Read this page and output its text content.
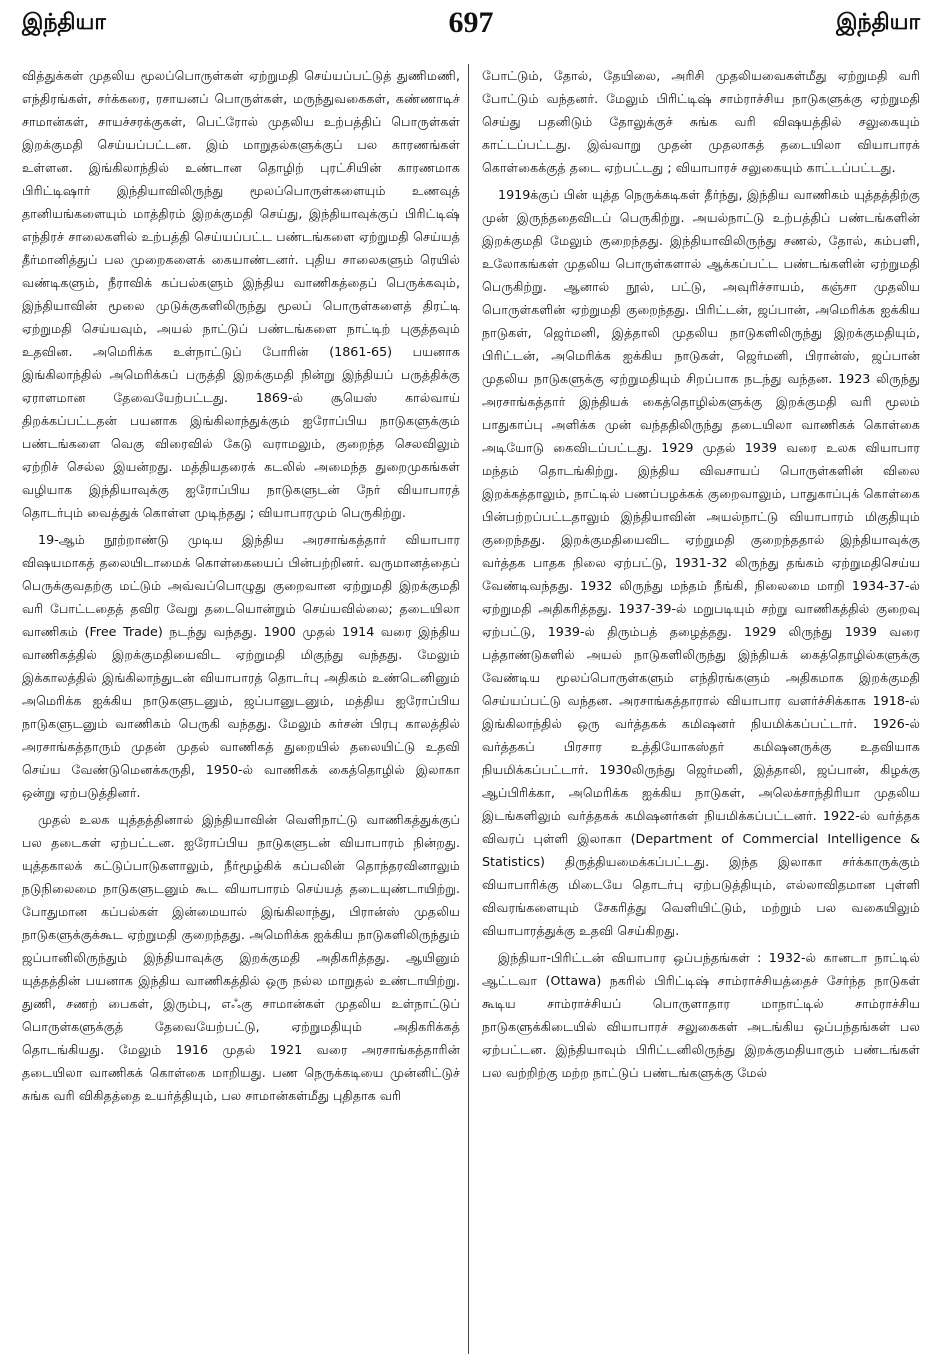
697
இந்தியா	இந்தியா

வித்துக்கள் முதலிய மூலப்பொருள்கள் ஏற்றுமதி செய்யப்பட்டுத் துணிமணி, எந்திரங்கள், சர்க்கரை, ரசாயனப் பொருள்கள், மருந்துவகைகள், கண்ணாடிச் சாமான்கள், சாயச்சரக்குகள், பெட்ரோல் முதலிய உற்பத்திப் பொருள்கள் இறக்குமதி செய்யப்பட்டன. இம் மாறுதல்களுக்குப் பல காரணங்கள் உள்ளன. இங்கிலாந்தில் உண்டான தொழிற் புரட்சியின் காரணமாக பிரிட்டிஷார் இந்தியாவிலிருந்து மூலப்பொருள்களையும் உணவுத் தானியங்களையும் மாத்திரம் இறக்குமதி செய்து, இந்தியாவுக்குப் பிரிட்டிஷ் எந்திரச் சாலைகளில் உற்பத்தி செய்யப்பட்ட பண்டங்களை ஏற்றுமதி செய்யத் தீர்மானித்துப் பல முறைகளைக் கையாண்டனர். புதிய சாலைகளும் ரெயில் வண்டிகளும், நீராவிக் கப்பல்களும் இந்திய வாணிகத்தைப் பெருக்கவும், இந்தியாவின் மூலை முடுக்குகளிலிருந்து மூலப் பொருள்களைத் திரட்டி ஏற்றுமதி செய்யவும், அயல் நாட்டுப் பண்டங்களை நாட்டிற் புகுத்தவும் உதவின. அமெரிக்க உள்நாட்டுப் போரின் (1861-65) பயனாக இங்கிலாந்தில் அமெரிக்கப் பருத்தி இறக்குமதி நின்று இந்தியப் பருத்திக்கு ஏராளமான தேவையேற்பட்டது. 1869-ல் சூயெஸ் கால்வாய் திறக்கப்பட்டதன் பயனாக இங்கிலாந்துக்கும் ஐரோப்பிய நாடுகளுக்கும் பண்டங்களை வெகு விரைவில் கேடு வராமலும், குறைந்த செலவிலும் ஏற்றிச் செல்ல இயன்றது. மத்தியதரைக் கடலில் அமைந்த துறைமுகங்கள் வழியாக இந்தியாவுக்கு ஐரோப்பிய நாடுகளுடன் நேர் வியாபாரத் தொடர்பும் வைத்துக் கொள்ள முடிந்தது ; வியாபாரமும் பெருகிற்று.

19-ஆம் நூற்றாண்டு முடிய இந்திய அரசாங்கத்தார் வியாபார விஷயமாகத் தலையிடாமைக் கொள்கையைப் பின்பற்றினர். வருமானத்தைப் பெருக்குவதற்கு மட்டும் அவ்வப்பொழுது குறைவான ஏற்றுமதி இறக்குமதி வரி போட்டதைத் தவிர வேறு தடையொன்றும் செய்யவில்லை; தடையிலா வாணிகம் (Free Trade) நடந்து வந்தது. 1900 முதல் 1914 வரை இந்திய வாணிகத்தில் இறக்குமதியைவிட ஏற்றுமதி மிகுந்து வந்தது. மேலும் இக்காலத்தில் இங்கிலாந்துடன் வியாபாரத் தொடர்பு அதிகம் உண்டெனினும் அமெரிக்க ஐக்கிய நாடுகளுடனும், ஜப்பானுடனும், மத்திய ஐரோப்பிய நாடுகளுடனும் வாணிகம் பெருகி வந்தது. மேலும் கர்சன் பிரபு காலத்தில் அரசாங்கத்தாரும் முதன் முதல் வாணிகத் துறையில் தலையிட்டு உதவி செய்ய வேண்டுமெனக்கருதி, 1950-ல் வாணிகக் கைத்தொழில் இலாகா ஒன்று ஏற்படுத்தினர்.

முதல் உலக யுத்தத்தினால் இந்தியாவின் வெளிநாட்டு வாணிகத்துக்குப் பல தடைகள் ஏற்பட்டன. ஐரோப்பிய நாடுகளுடன் வியாபாரம் நின்றது. யுத்தகாலக் கட்டுப்பாடுகளாலும், நீர்மூழ்கிக் கப்பலின் தொந்தரவினாலும் நடுநிலைமை நாடுகளுடனும் கூட வியாபாரம் செய்யத் தடையுண்டாயிற்று. போதுமான கப்பல்கள் இன்மையால் இங்கிலாந்து, பிரான்ஸ் முதலிய நாடுகளுக்குக்கூட ஏற்றுமதி குறைந்தது. அமெரிக்க ஐக்கிய நாடுகளிலிருந்தும் ஜப்பானிலிருந்தும் இந்தியாவுக்கு இறக்குமதி அதிகரித்தது. ஆயினும் யுத்தத்தின் பயனாக இந்திய வாணிகத்தில் ஒரு நல்ல மாறுதல் உண்டாயிற்று. துணி, சணற் பைகள், இரும்பு, எஃகு சாமான்கள் முதலிய உள்நாட்டுப் பொருள்களுக்குத் தேவையேற்பட்டு, ஏற்றுமதியும் அதிகரிக்கத் தொடங்கியது. மேலும் 1916 முதல் 1921 வரை அரசாங்கத்தாரின் தடையிலா வாணிகக் கொள்கை மாறியது. பண நெருக்கடியை முன்னிட்டுச் சுங்க வரி விகிதத்தை உயர்த்தியும், பல சாமான்கள்மீது புதிதாக வரி

போட்டும், தோல், தேயிலை, அரிசி முதலியவைகள்மீது ஏற்றுமதி வரி போட்டும் வந்தனர். மேலும் பிரிட்டிஷ் சாம்ராச்சிய நாடுகளுக்கு ஏற்றுமதி செய்து பதனிடும் தோலுக்குச் சுங்க வரி விஷயத்தில் சலுகையும் காட்டப்பட்டது. இவ்வாறு முதன் முதலாகத் தடையிலா வியாபாரக் கொள்கைக்குத் தடை ஏற்பட்டது ; வியாபாரச் சலுகையும் காட்டப்பட்டது.

1919க்குப் பின் யுத்த நெருக்கடிகள் தீர்ந்து, இந்திய வாணிகம் யுத்தத்திற்கு முன் இருந்ததைவிடப் பெருகிற்று. அயல்நாட்டு உற்பத்திப் பண்டங்களின் இறக்குமதி மேலும் குறைந்தது. இந்தியாவிலிருந்து சணல், தோல், கம்பளி, உலோகங்கள் முதலிய பொருள்களால் ஆக்கப்பட்ட பண்டங்களின் ஏற்றுமதி பெருகிற்று. ஆனால் நூல், பட்டு, அவுரிச்சாயம், கஞ்சா முதலிய பொருள்களின் ஏற்றுமதி குறைந்தது. பிரிட்டன், ஜப்பான், அமெரிக்க ஐக்கிய நாடுகள், ஜெர்மனி, இத்தாலி முதலிய நாடுகளிலிருந்து இறக்குமதியும், பிரிட்டன், அமெரிக்க ஐக்கிய நாடுகள், ஜெர்மனி, பிரான்ஸ், ஜப்பான் முதலிய நாடுகளுக்கு ஏற்றுமதியும் சிறப்பாக நடந்து வந்தன. 1923 லிருந்து அரசாங்கத்தார் இந்தியக் கைத்தொழில்களுக்கு இறக்குமதி வரி மூலம் பாதுகாப்பு அளிக்க முன் வந்ததிலிருந்து தடையிலா வாணிகக் கொள்கை அடியோடு கைவிடப்பட்டது. 1929 முதல் 1939 வரை உலக வியாபார மந்தம் தொடங்கிற்று. இந்திய விவசாயப் பொருள்களின் விலை இறக்கத்தாலும், நாட்டில் பணப்பழக்கக் குறைவாலும், பாதுகாப்புக் கொள்கை பின்பற்றப்பட்டதாலும் இந்தியாவின் அயல்நாட்டு வியாபாரம் மிகுதியும் குறைந்தது. இறக்குமதியைவிட ஏற்றுமதி குறைந்ததால் இந்தியாவுக்கு வர்த்தக பாதக நிலை ஏற்பட்டு, 1931-32 லிருந்து தங்கம் ஏற்றுமதிசெய்ய வேண்டிவந்தது. 1932 லிருந்து மந்தம் நீங்கி, நிலைமை மாறி 1934-37-ல் ஏற்றுமதி அதிகரித்தது. 1937-39-ல் மறுபடியும் சற்று வாணிகத்தில் குறைவு ஏற்பட்டு, 1939-ல் திரும்பத் தழைத்தது. 1929 லிருந்து 1939 வரை பத்தாண்டுகளில் அயல் நாடுகளிலிருந்து இந்தியக் கைத்தொழில்களுக்கு வேண்டிய மூலப்பொருள்களும் எந்திரங்களும் அதிகமாக இறக்குமதி செய்யப்பட்டு வந்தன. அரசாங்கத்தாரால் வியாபார வளர்ச்சிக்காக 1918-ல் இங்கிலாந்தில் ஒரு வர்த்தகக் கமிஷனர் நியமிக்கப்பட்டார். 1926-ல் வர்த்தகப் பிரசார உத்தியோகஸ்தர் கமிஷனருக்கு உதவியாக நியமிக்கப்பட்டார். 1930லிருந்து ஜெர்மனி, இத்தாலி, ஜப்பான், கிழக்கு ஆப்பிரிக்கா, அமெரிக்க ஐக்கிய நாடுகள், அலெக்சாந்திரியா முதலிய இடங்களிலும் வர்த்தகக் கமிஷனர்கள் நியமிக்கப்பட்டனர். 1922-ல் வர்த்தக விவரப் புள்ளி இலாகா (Department of Commercial Intelligence & Statistics) திருத்தியமைக்கப்பட்டது. இந்த இலாகா சர்க்காருக்கும் வியாபாரிக்கு மிடையே தொடர்பு ஏற்படுத்தியும், எல்லாவிதமான புள்ளி விவரங்களையும் சேகரித்து வெளியிட்டும், மற்றும் பல வகையிலும் வியாபாரத்துக்கு உதவி செய்கிறது.

இந்தியா-பிரிட்டன் வியாபார ஒப்பந்தங்கள் : 1932-ல் கானடா நாட்டில் ஆட்டவா (Ottawa) நகரில் பிரிட்டிஷ் சாம்ராச்சியத்தைச் சேர்ந்த நாடுகள் கூடிய சாம்ராச்சியப் பொருளாதார மாநாட்டில் சாம்ராச்சிய நாடுகளுக்கிடையில் வியாபாரச் சலுகைகள் அடங்கிய ஒப்பந்தங்கள் பல ஏற்பட்டன. இந்தியாவும் பிரிட்டனிலிருந்து இறக்குமதியாகும் பண்டங்கள் பல வற்றிற்கு மற்ற நாட்டுப் பண்டங்களுக்கு மேல்
